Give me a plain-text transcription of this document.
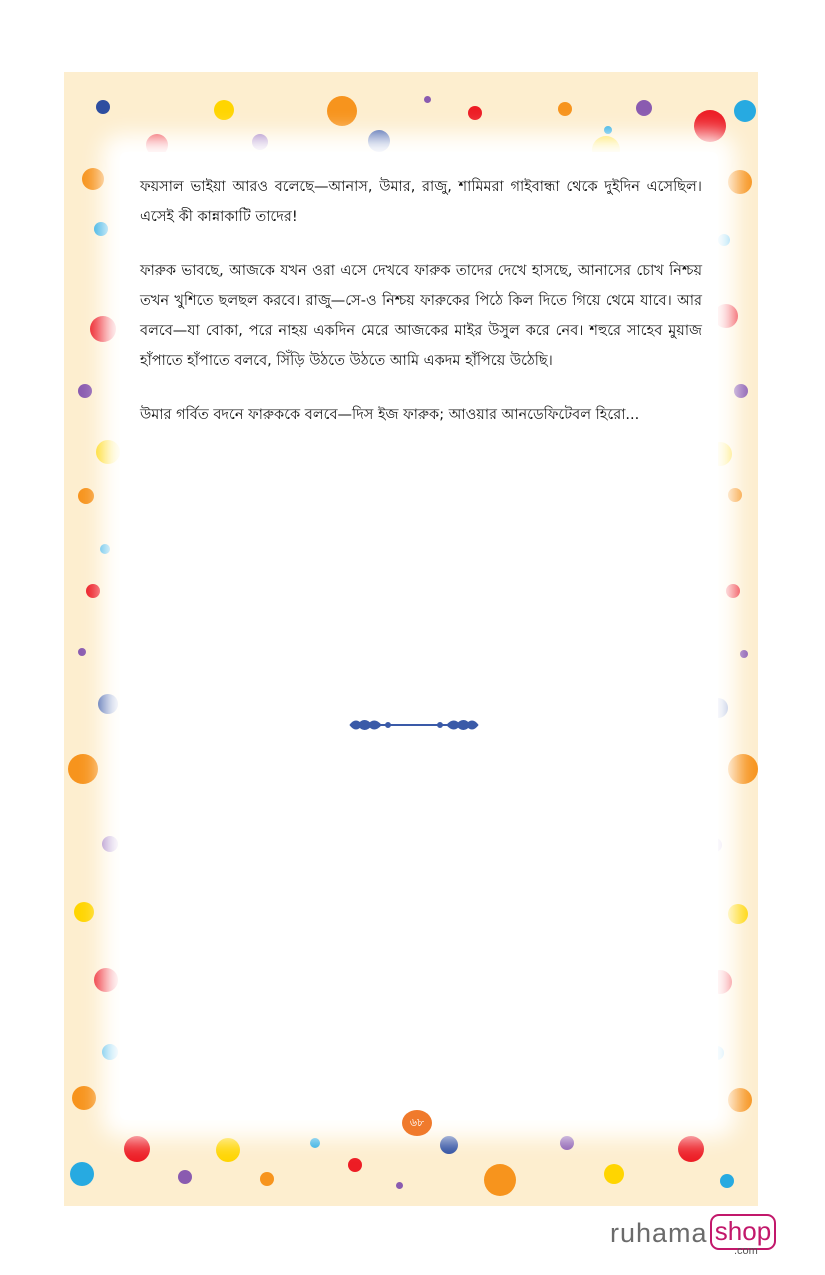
ফয়সাল ভাইয়া আরও বলেছে—আনাস, উমার, রাজু, শামিমরা গাইবান্ধা থেকে দুইদিন এসেছিল। এসেই কী কান্নাকাটি তাদের!

ফারুক ভাবছে, আজকে যখন ওরা এসে দেখবে ফারুক তাদের দেখে হাসছে, আনাসের চোখ নিশ্চয় তখন খুশিতে ছলছল করবে। রাজু—সে-ও নিশ্চয় ফারুকের পিঠে কিল দিতে গিয়ে থেমে যাবে। আর বলবে—যা বোকা, পরে নাহয় একদিন মেরে আজকের মাইর উসুল করে নেব। শহুরে সাহেব মুয়াজ হাঁপাতে হাঁপাতে বলবে, সিঁড়ি উঠতে উঠতে আমি একদম হাঁপিয়ে উঠেছি।

উমার গর্বিত বদনে ফারুককে বলবে—দিস ইজ ফারুক; আওয়ার আনডেফিটেবল হিরো...

৬৮
ruhama shop
.com
